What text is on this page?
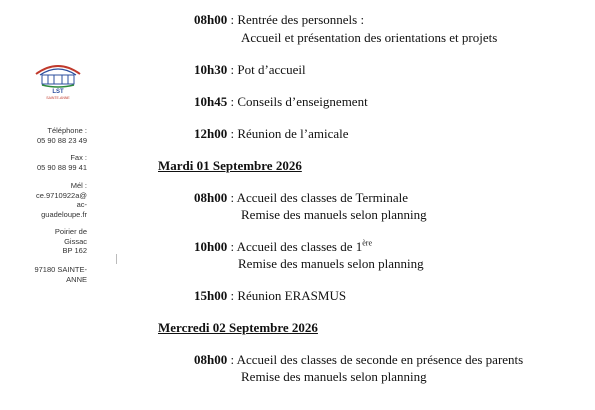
LST
SAINTE-ANNE
Téléphone :
05 90 88 23 49
Fax :
05 90 88 99 41
Mél :
ce.9710922a@
ac-
guadeloupe.fr
Poirier de
Gissac
BP 162
97180 SAINTE-
ANNE
08h00 : Rentrée des personnels :
Accueil et présentation des orientations et projets
10h30 : Pot d’accueil
10h45 : Conseils d’enseignement
12h00 : Réunion de l’amicale
Mardi 01 Septembre 2026
08h00 : Accueil des classes de Terminale
Remise des manuels selon planning
10h00 : Accueil des classes de 1ère
Remise des manuels selon planning
15h00 : Réunion ERASMUS
Mercredi 02 Septembre 2026
08h00 : Accueil des classes de seconde en présence des parents
Remise des manuels selon planning
